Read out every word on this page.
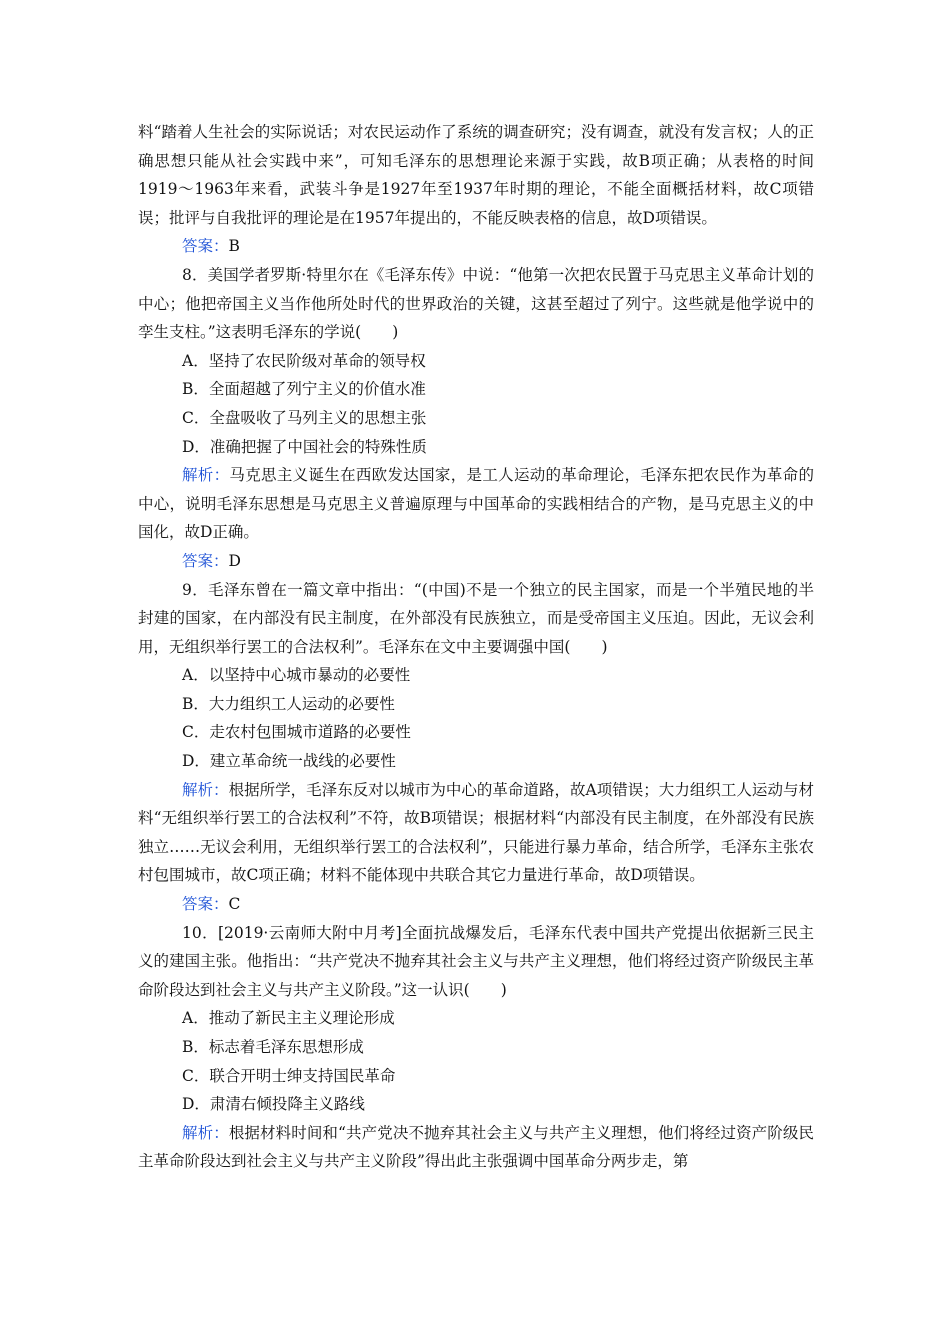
料“踏着人生社会的实际说话；对农民运动作了系统的调查研究；没有调查，就没有发言权；人的正确思想只能从社会实践中来”，可知毛泽东的思想理论来源于实践，故B项正确；从表格的时间1919～1963年来看，武装斗争是1927年至1937年时期的理论，不能全面概括材料，故C项错误；批评与自我批评的理论是在1957年提出的，不能反映表格的信息，故D项错误。

答案：B

8．美国学者罗斯·特里尔在《毛泽东传》中说：“他第一次把农民置于马克思主义革命计划的中心；他把帝国主义当作他所处时代的世界政治的关键，这甚至超过了列宁。这些就是他学说中的孪生支柱。”这表明毛泽东的学说(　　)

A．坚持了农民阶级对革命的领导权

B．全面超越了列宁主义的价值水准

C．全盘吸收了马列主义的思想主张

D．准确把握了中国社会的特殊性质

解析：马克思主义诞生在西欧发达国家，是工人运动的革命理论，毛泽东把农民作为革命的中心，说明毛泽东思想是马克思主义普遍原理与中国革命的实践相结合的产物，是马克思主义的中国化，故D正确。

答案：D

9．毛泽东曾在一篇文章中指出：“(中国)不是一个独立的民主国家，而是一个半殖民地的半封建的国家，在内部没有民主制度，在外部没有民族独立，而是受帝国主义压迫。因此，无议会利用，无组织举行罢工的合法权利”。毛泽东在文中主要调强中国(　　)

A．以坚持中心城市暴动的必要性

B．大力组织工人运动的必要性

C．走农村包围城市道路的必要性

D．建立革命统一战线的必要性

解析：根据所学，毛泽东反对以城市为中心的革命道路，故A项错误；大力组织工人运动与材料“无组织举行罢工的合法权利”不符，故B项错误；根据材料“内部没有民主制度，在外部没有民族独立……无议会利用，无组织举行罢工的合法权利”，只能进行暴力革命，结合所学，毛泽东主张农村包围城市，故C项正确；材料不能体现中共联合其它力量进行革命，故D项错误。

答案：C

10．[2019·云南师大附中月考]全面抗战爆发后，毛泽东代表中国共产党提出依据新三民主义的建国主张。他指出：“共产党决不抛弃其社会主义与共产主义理想，他们将经过资产阶级民主革命阶段达到社会主义与共产主义阶段。”这一认识(　　)

A．推动了新民主主义理论形成

B．标志着毛泽东思想形成

C．联合开明士绅支持国民革命

D．肃清右倾投降主义路线

解析：根据材料时间和“共产党决不抛弃其社会主义与共产主义理想，他们将经过资产阶级民主革命阶段达到社会主义与共产主义阶段”得出此主张强调中国革命分两步走，第
